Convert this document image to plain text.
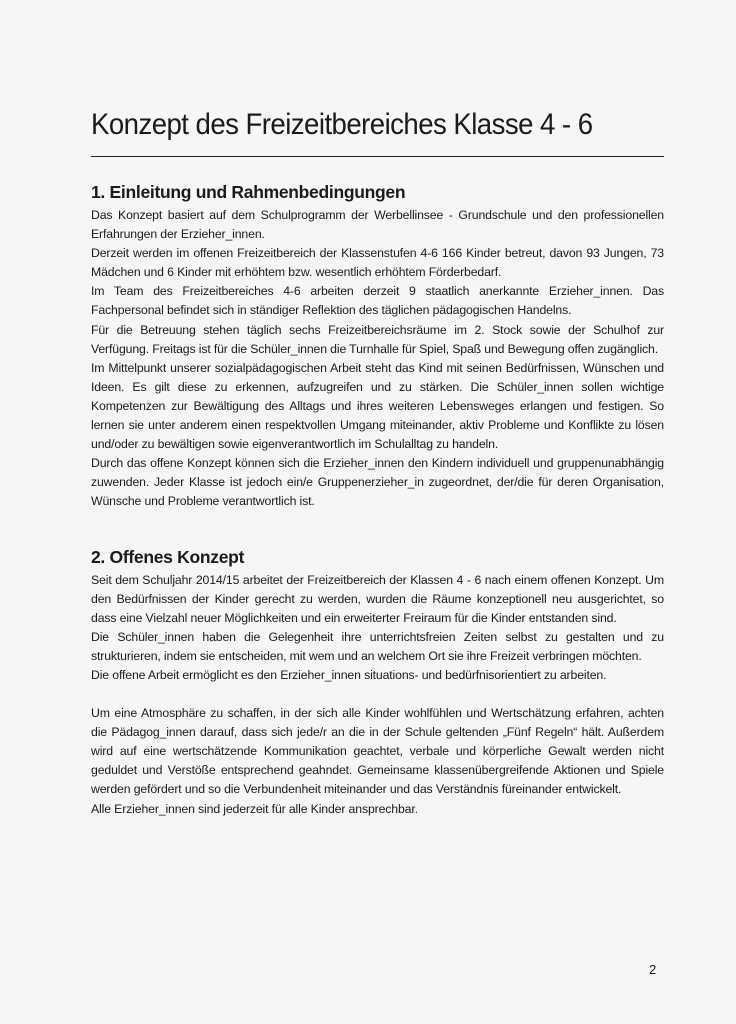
Konzept des Freizeitbereiches Klasse 4 - 6
1. Einleitung und Rahmenbedingungen

Das Konzept basiert auf dem Schulprogramm der Werbellinsee - Grundschule und den professionellen Erfahrungen der Erzieher_innen.

Derzeit werden im offenen Freizeitbereich der Klassenstufen 4-6 166 Kinder betreut, davon 93 Jungen, 73 Mädchen und 6 Kinder mit erhöhtem bzw. wesentlich erhöhtem Förderbedarf.

Im Team des Freizeitbereiches 4-6 arbeiten derzeit 9 staatlich anerkannte Erzieher_innen. Das Fachpersonal befindet sich in ständiger Reflektion des täglichen pädagogischen Handelns.

Für die Betreuung stehen täglich sechs Freizeitbereichsräume im 2. Stock sowie der Schulhof zur Verfügung. Freitags ist für die Schüler_innen die Turnhalle für Spiel, Spaß und Bewegung offen zugänglich.

Im Mittelpunkt unserer sozialpädagogischen Arbeit steht das Kind mit seinen Bedürfnissen, Wünschen und Ideen. Es gilt diese zu erkennen, aufzugreifen und zu stärken. Die Schüler_innen sollen wichtige Kompetenzen zur Bewältigung des Alltags und ihres weiteren Lebensweges erlangen und festigen. So lernen sie unter anderem einen respektvollen Umgang miteinander, aktiv Probleme und Konflikte zu lösen und/oder zu bewältigen sowie eigenverantwortlich im Schulalltag zu handeln.

Durch das offene Konzept können sich die Erzieher_innen den Kindern individuell und gruppenunabhängig zuwenden. Jeder Klasse ist jedoch ein/e Gruppenerzieher_in zugeordnet, der/die für deren Organisation, Wünsche und Probleme verantwortlich ist.

2. Offenes Konzept

Seit dem Schuljahr 2014/15 arbeitet der Freizeitbereich der Klassen 4 - 6 nach einem offenen Konzept. Um den Bedürfnissen der Kinder gerecht zu werden, wurden die Räume konzeptionell neu ausgerichtet, so dass eine Vielzahl neuer Möglichkeiten und ein erweiterter Freiraum für die Kinder entstanden sind.

Die Schüler_innen haben die Gelegenheit ihre unterrichtsfreien Zeiten selbst zu gestalten und zu strukturieren, indem sie entscheiden, mit wem und an welchem Ort sie ihre Freizeit verbringen möchten.

Die offene Arbeit ermöglicht es den Erzieher_innen situations- und bedürfnisorientiert zu arbeiten.

Um eine Atmosphäre zu schaffen, in der sich alle Kinder wohlfühlen und Wertschätzung erfahren, achten die Pädagog_innen darauf, dass sich jede/r an die in der Schule geltenden „Fünf Regeln“ hält. Außerdem wird auf eine wertschätzende Kommunikation geachtet, verbale und körperliche Gewalt werden nicht geduldet und Verstöße entsprechend geahndet. Gemeinsame klassenübergreifende Aktionen und Spiele werden gefördert und so die Verbundenheit miteinander und das Verständnis füreinander entwickelt.

Alle Erzieher_innen sind jederzeit für alle Kinder ansprechbar.

2
